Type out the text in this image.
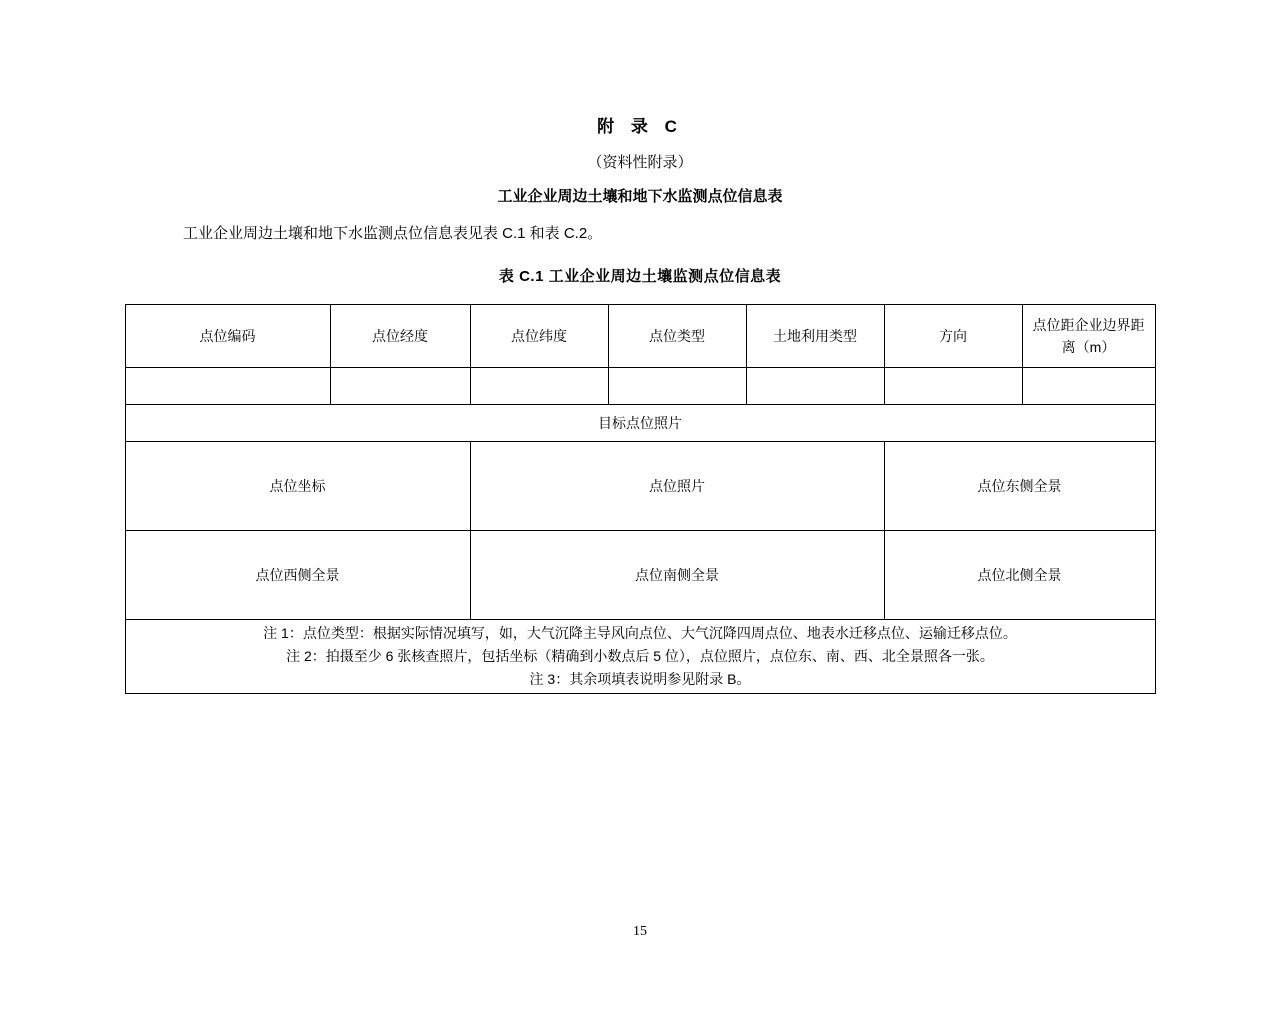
附 录 C
（资料性附录）
工业企业周边土壤和地下水监测点位信息表
工业企业周边土壤和地下水监测点位信息表见表 C.1 和表 C.2。
表 C.1 工业企业周边土壤监测点位信息表
点位编码	点位经度	点位纬度	点位类型	土地利用类型	方向	点位距企业边界距离（m）

目标点位照片						
点位坐标		点位照片			点位东侧全景	
点位西侧全景		点位南侧全景			点位北侧全景	

注 1：点位类型：根据实际情况填写，如，大气沉降主导风向点位、大气沉降四周点位、地表水迁移点位、运输迁移点位。
注 2：拍摄至少 6 张核查照片，包括坐标（精确到小数点后 5 位），点位照片，点位东、南、西、北全景照各一张。
注 3：其余项填表说明参见附录 B。						
15
